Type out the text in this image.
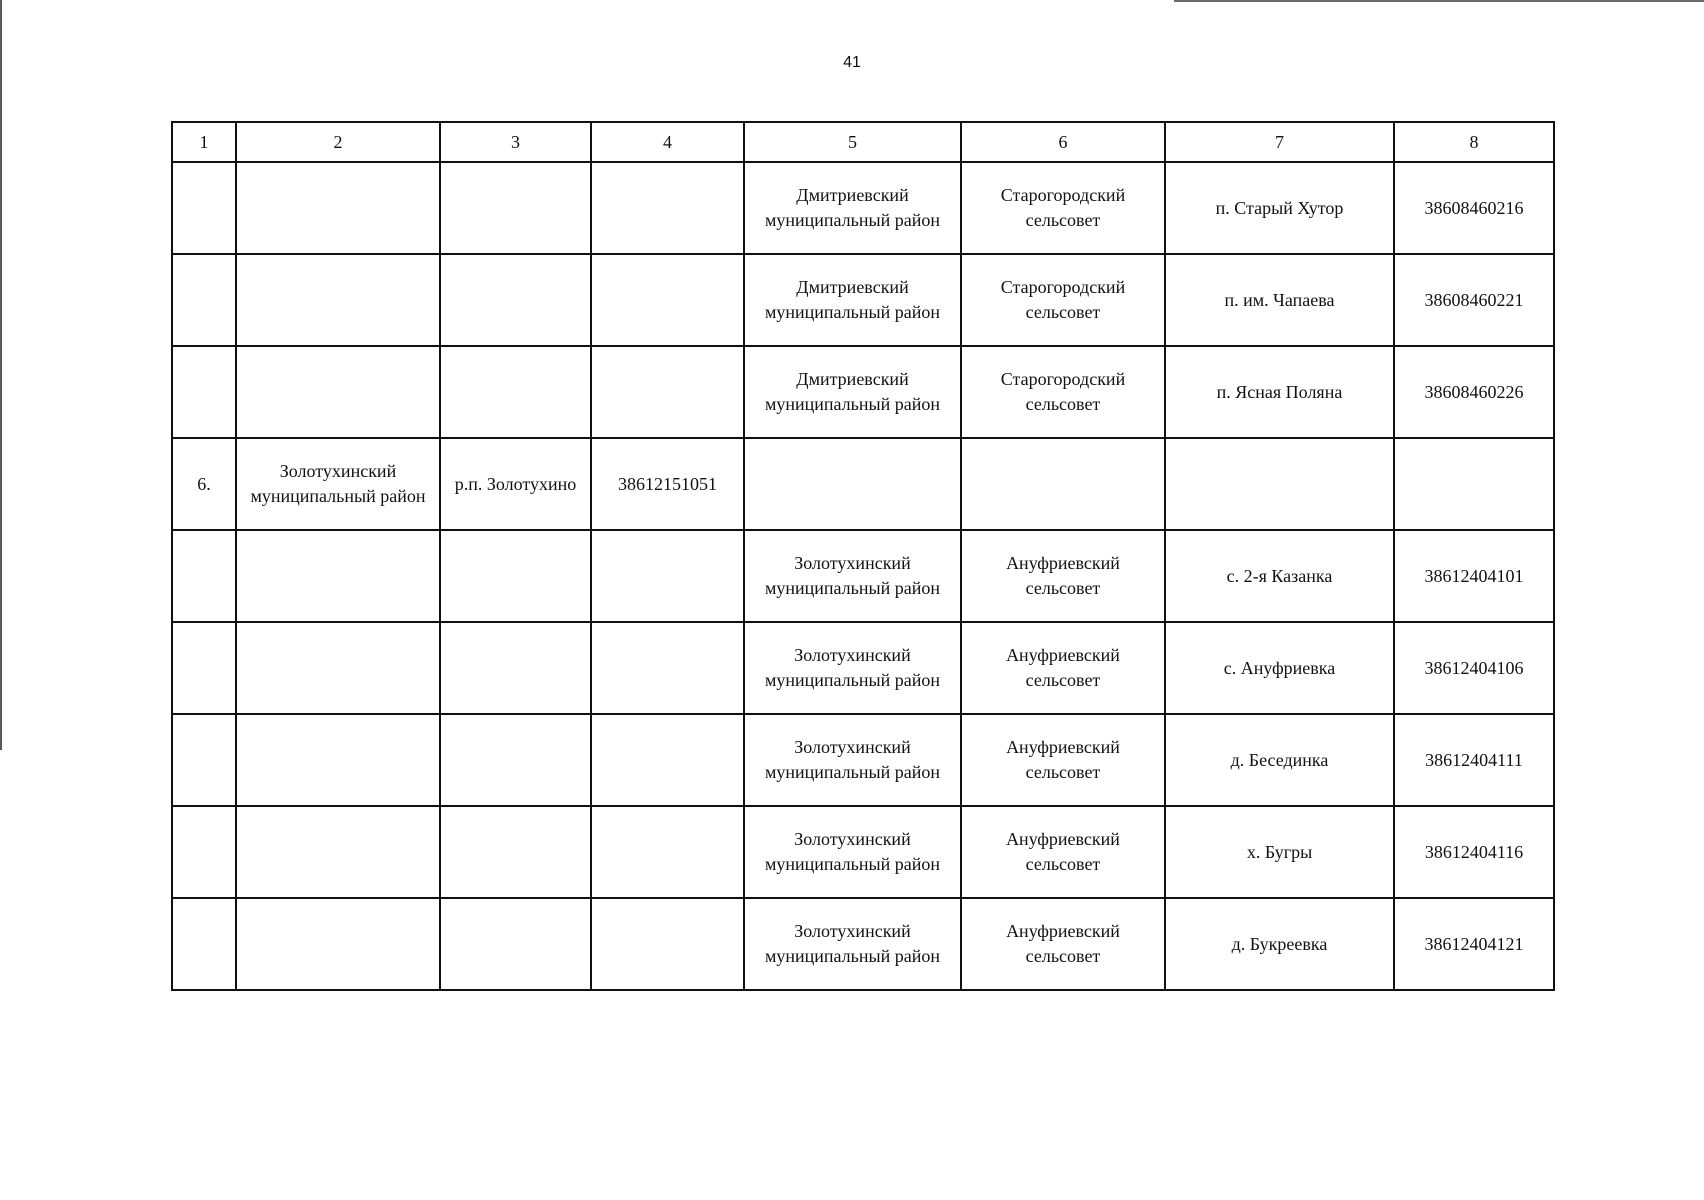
41
1	2	3	4	5	6	7	8
				Дмитриевский муниципальный район	Старогородский сельсовет	п. Старый Хутор	38608460216
				Дмитриевский муниципальный район	Старогородский сельсовет	п. им. Чапаева	38608460221
				Дмитриевский муниципальный район	Старогородский сельсовет	п. Ясная Поляна	38608460226
6.	Золотухинский муниципальный район	р.п. Золотухино	38612151051				
				Золотухинский муниципальный район	Ануфриевский сельсовет	с. 2-я Казанка	38612404101
				Золотухинский муниципальный район	Ануфриевский сельсовет	с. Ануфриевка	38612404106
				Золотухинский муниципальный район	Ануфриевский сельсовет	д. Бесединка	38612404111
				Золотухинский муниципальный район	Ануфриевский сельсовет	х. Бугры	38612404116
				Золотухинский муниципальный район	Ануфриевский сельсовет	д. Букреевка	38612404121
